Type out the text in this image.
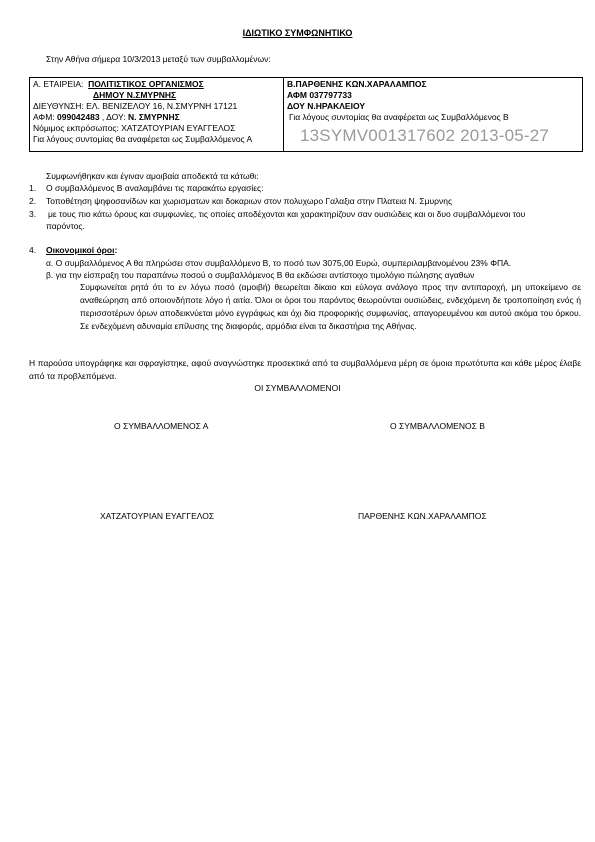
ΙΔΙΩΤΙΚΟ ΣΥΜΦΩΝΗΤΙΚΟ
Στην Αθήνα σήμερα 10/3/2013 μεταξύ των συμβαλλομένων:
Α. ΕΤΑΙΡΕΙΑ: ΠΟΛΙΤΙΣΤΙΚΟΣ ΟΡΓΑΝΙΣΜΟΣ
ΔΗΜΟΥ Ν.ΣΜΥΡΝΗΣ
ΔΙΕΥΘΥΝΣΗ: ΕΛ. ΒΕΝΙΖΕΛΟΥ 16, Ν.ΣΜΥΡΝΗ 17121
ΑΦΜ: 099042483 , ΔΟΥ: Ν. ΣΜΥΡΝΗΣ
Νόμιμος εκπρόσωπος: ΧΑΤΖΑΤΟΥΡΙΑΝ ΕΥΑΓΓΕΛΟΣ
Για λόγους συντομίας θα αναφέρεται ως Συμβαλλόμενος Α
Β.ΠΑΡΘΕΝΗΣ ΚΩΝ.ΧΑΡΑΛΑΜΠΟΣ
ΑΦΜ 037797733
ΔΟΥ Ν.ΗΡΑΚΛΕΙΟΥ
Για λόγους συντομίας θα αναφέρεται ως Συμβαλλόμενος Β
13SYMV001317602 2013-05-27
Συμφωνήθηκαν και έγιναν αμοιβαία αποδεκτά τα κάτωθι:
1. Ο συμβαλλόμενος Β αναλαμβάνει τις παρακάτω εργασίες:
2. Τοποθέτηση ψηφοσανίδων και χωρισματων και δοκαριων στον πολυχωρο Γαλαξια στην Πλατεια Ν. Σμυρνης
3. με τους πιο κάτω όρους και συμφωνίες, τις οποίες αποδέχονται και χαρακτηρίζουν σαν ουσιώδεις και οι δυο συμβαλλόμενοι του
παρόντος.
4. Οικονομικοί όροι:
α. Ο συμβαλλόμενος Α θα πληρώσει στον συμβαλλόμενο Β, το ποσό των 3075,00 Ευρώ, συμπεριλαμβανομένου 23% ΦΠΑ.
β. για την είσπραξη του παραπάνω ποσού ο συμβαλλόμενος Β θα εκδώσει αντίστοιχο τιμολόγιο πώλησης αγαθων
Συμφωνείται ρητά ότι το εν λόγω ποσό (αμοιβή) θεωρείται δίκαιο και εύλογα ανάλογο προς την αντιπαροχή, μη υποκείμενο σε αναθεώρηση από οποιονδήποτε λόγο ή αιτία. Όλοι οι όροι του παρόντος θεωρούνται ουσιώδεις, ενδεχόμενη δε τροποποίηση ενός ή περισσοτέρων όρων αποδεικνύεται μόνο εγγράφως και όχι δια προφορικής συμφωνίας, απαγορευμένου και αυτού ακόμα του όρκου. Σε ενδεχόμενη αδυναμία επίλυσης της διαφοράς, αρμόδια είναι τα δικαστήρια της Αθήνας.
Η παρούσα υπογράφηκε και σφραγίστηκε, αφού αναγνώστηκε προσεκτικά από τα συμβαλλόμενα μέρη σε όμοια πρωτότυπα και κάθε μέρος έλαβε από τα προβλεπόμενα.
ΟΙ ΣΥΜΒΑΛΛΟΜΕΝΟΙ
Ο ΣΥΜΒΑΛΛΟΜΕΝΟΣ Α	Ο ΣΥΜΒΑΛΛΟΜΕΝΟΣ Β
ΧΑΤΖΑΤΟΥΡΙΑΝ ΕΥΑΓΓΕΛΟΣ	ΠΑΡΘΕΝΗΣ ΚΩΝ.ΧΑΡΑΛΑΜΠΟΣ
